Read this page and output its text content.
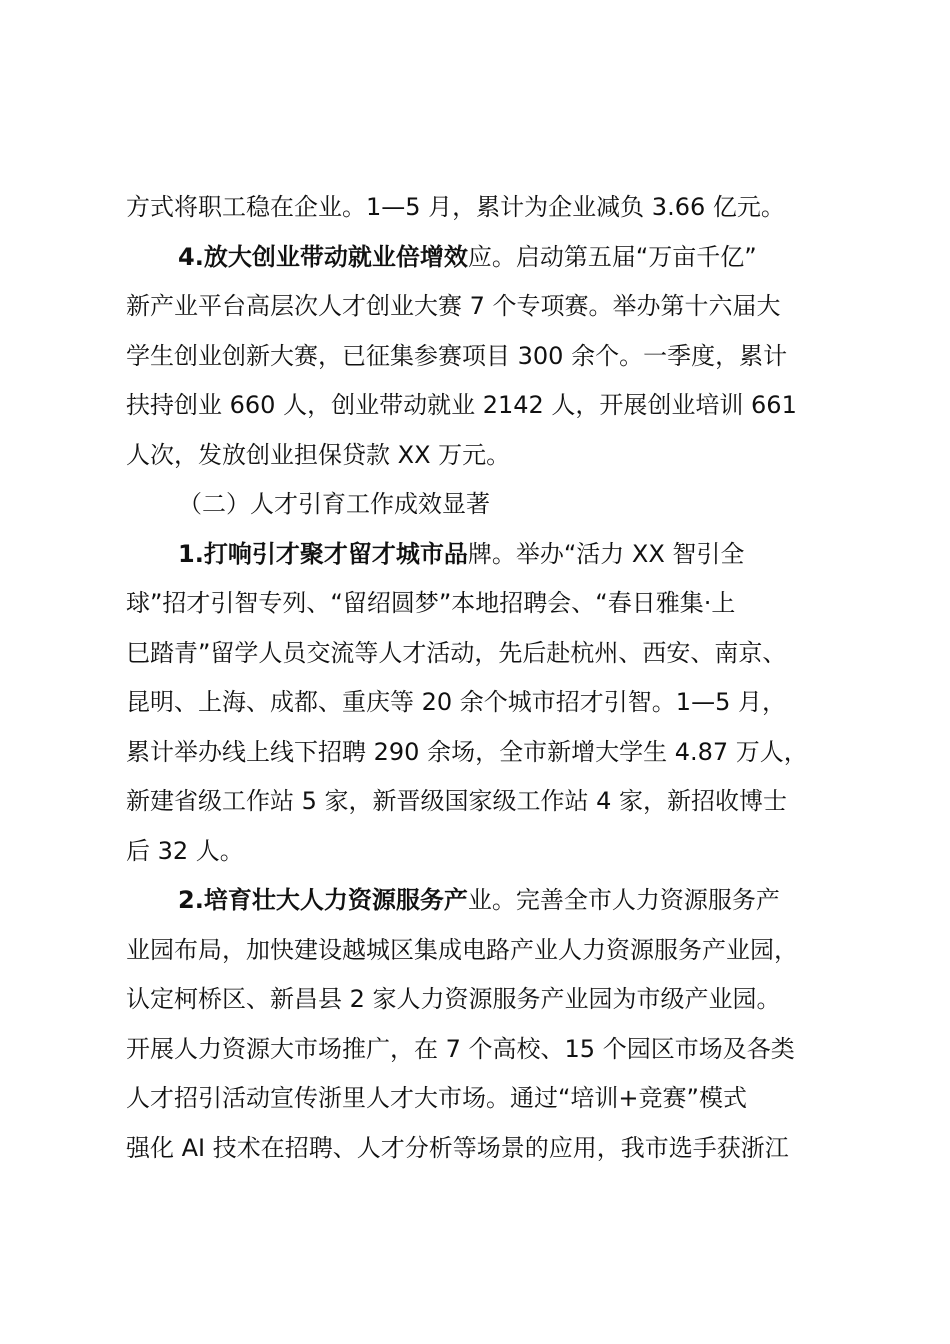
方式将职工稳在企业。1—5 月，累计为企业减负 3.66 亿元。
4.放大创业带动就业倍增效应。启动第五届“万亩千亿”
新产业平台高层次人才创业大赛 7 个专项赛。举办第十六届大
学生创业创新大赛，已征集参赛项目 300 余个。一季度，累计
扶持创业 660 人，创业带动就业 2142 人，开展创业培训 661
人次，发放创业担保贷款 XX 万元。
（二）人才引育工作成效显著
1.打响引才聚才留才城市品牌。举办“活力 XX 智引全
球”招才引智专列、“留绍圆梦”本地招聘会、“春日雅集·上
巳踏青”留学人员交流等人才活动，先后赴杭州、西安、南京、
昆明、上海、成都、重庆等 20 余个城市招才引智。1—5 月，
累计举办线上线下招聘 290 余场，全市新增大学生 4.87 万人，
新建省级工作站 5 家，新晋级国家级工作站 4 家，新招收博士
后 32 人。
2.培育壮大人力资源服务产业。完善全市人力资源服务产
业园布局，加快建设越城区集成电路产业人力资源服务产业园，
认定柯桥区、新昌县 2 家人力资源服务产业园为市级产业园。
开展人力资源大市场推广，在 7 个高校、15 个园区市场及各类
人才招引活动宣传浙里人才大市场。通过“培训+竞赛”模式
强化 AI 技术在招聘、人才分析等场景的应用，我市选手获浙江
